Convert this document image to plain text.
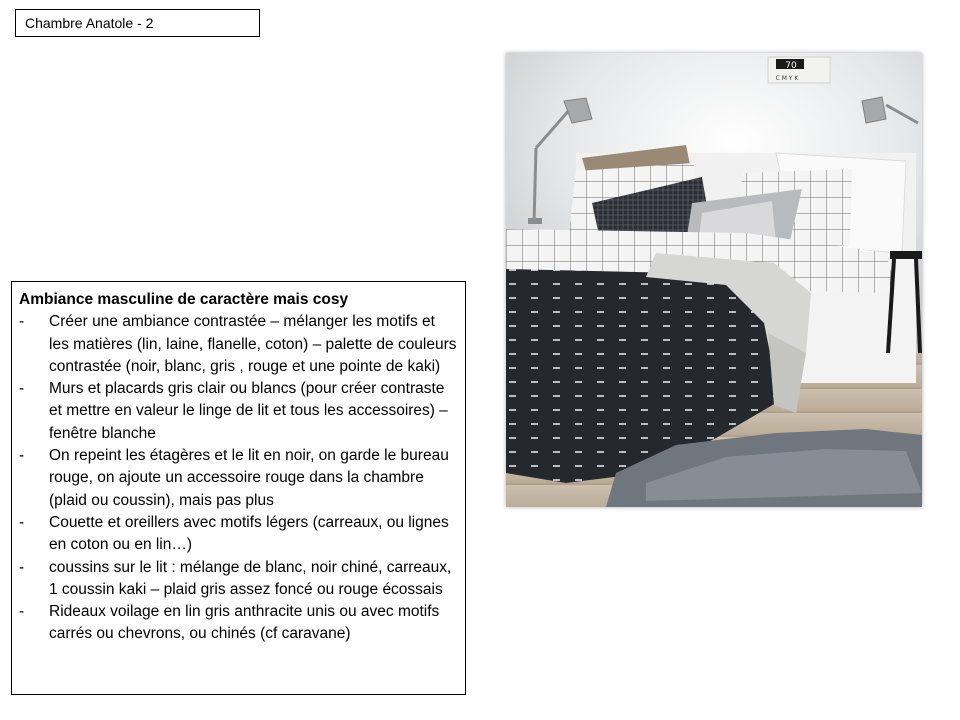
Chambre Anatole - 2

Ambiance masculine de caractère mais cosy

- Créer une ambiance contrastée – mélanger les motifs et les matières (lin, laine, flanelle, coton) – palette de couleurs contrastée (noir, blanc, gris , rouge et une pointe de kaki)
- Murs et placards gris clair ou blancs (pour créer contraste et mettre en valeur le linge de lit et tous les accessoires) – fenêtre blanche
- On repeint les étagères et le lit en noir, on garde le bureau rouge, on ajoute un accessoire rouge dans la chambre (plaid ou coussin), mais pas plus
- Couette et oreillers avec motifs légers (carreaux, ou lignes en coton ou en lin…)
- coussins sur le lit : mélange de blanc, noir chiné, carreaux, 1 coussin kaki – plaid gris assez foncé ou rouge écossais
- Rideaux voilage en lin gris anthracite unis ou avec motifs carrés ou chevrons, ou chinés (cf caravane)
70
C M Y K
